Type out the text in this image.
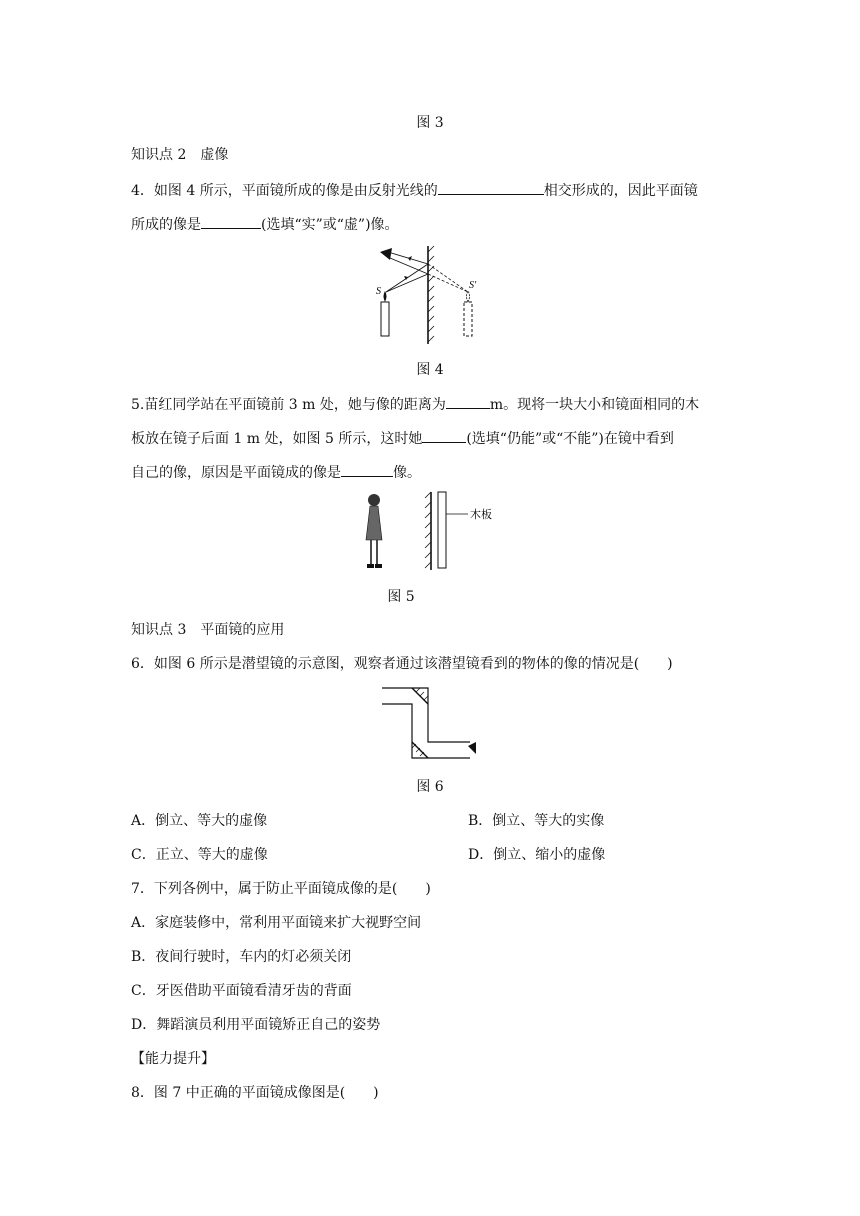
图 3
知识点 2　虚像
4．如图 4 所示，平面镜所成的像是由反射光线的	相交形成的，因此平面镜
所成的像是	(选填“实”或“虚”)像。
S
S′
图 4
5.苗红同学站在平面镜前 3 m 处，她与像的距离为	m。现将一块大小和镜面相同的木
板放在镜子后面 1 m 处，如图 5 所示，这时她	(选填“仍能”或“不能”)在镜中看到
自己的像，原因是平面镜成的像是	像。
木板
图 5
知识点 3　平面镜的应用
6．如图 6 所示是潜望镜的示意图，观察者通过该潜望镜看到的物体的像的情况是(　　)
图 6
A．倒立、等大的虚像	B．倒立、等大的实像
C．正立、等大的虚像	D．倒立、缩小的虚像
7．下列各例中，属于防止平面镜成像的是(　　)
A．家庭装修中，常利用平面镜来扩大视野空间
B．夜间行驶时，车内的灯必须关闭
C．牙医借助平面镜看清牙齿的背面
D．舞蹈演员利用平面镜矫正自己的姿势
【能力提升】
8．图 7 中正确的平面镜成像图是(　　)
